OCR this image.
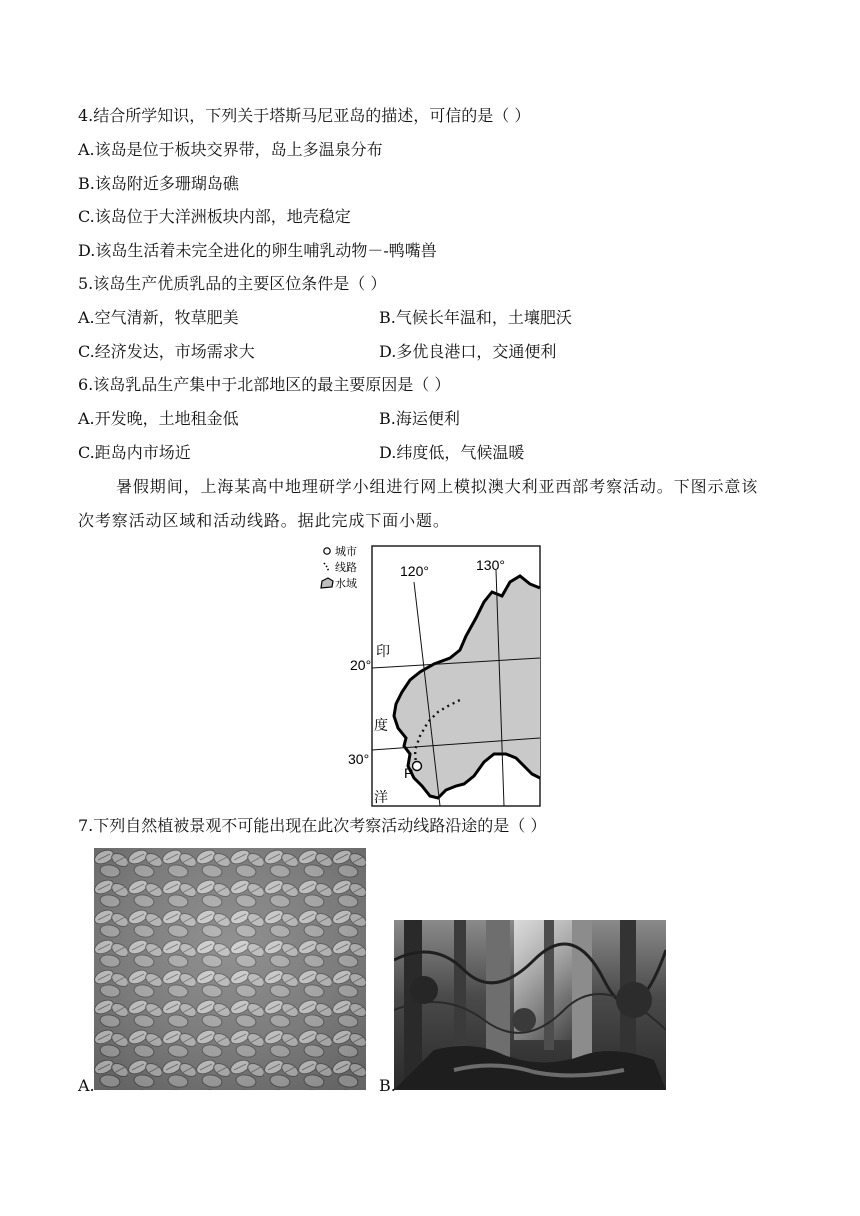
4.结合所学知识，下列关于塔斯马尼亚岛的描述，可信的是（ ）
A.该岛是位于板块交界带，岛上多温泉分布
B.该岛附近多珊瑚岛礁
C.该岛位于大洋洲板块内部，地壳稳定
D.该岛生活着未完全进化的卵生哺乳动物－-鸭嘴兽
5.该岛生产优质乳品的主要区位条件是（ ）
A.空气清新，牧草肥美	B.气候长年温和，土壤肥沃
C.经济发达，市场需求大	D.多优良港口，交通便利
6.该岛乳品生产集中于北部地区的最主要原因是（ ）
A.开发晚，土地租金低	B.海运便利
C.距岛内市场近	D.纬度低，气候温暖
暑假期间，上海某高中地理研学小组进行网上模拟澳大利亚西部考察活动。下图示意该
次考察活动区域和活动线路。据此完成下面小题。
P
120°	130°
20°
30°
印
度
洋
城市
线路
水域
7.下列自然植被景观不可能出现在此次考察活动线路沿途的是（ ）
A.	B.
